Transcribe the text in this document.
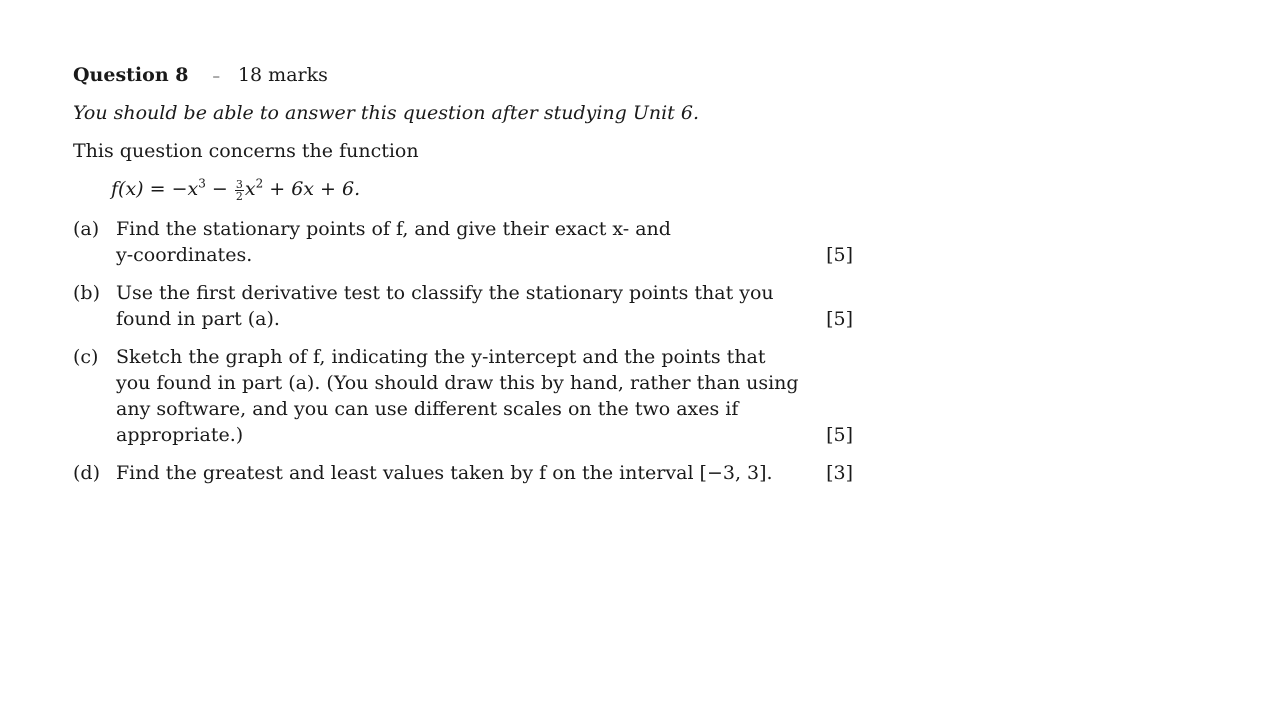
Question 8 – 18 marks
You should be able to answer this question after studying Unit 6.
This question concerns the function
$f(x) = -x^3 - \frac{3}{2} x^2 + 6x + 6$.
(a) Find the stationary points of f, and give their exact x- and
y-coordinates.	[5]
(b) Use the first derivative test to classify the stationary points that you
found in part (a).	[5]
(c) Sketch the graph of f, indicating the y-intercept and the points that
you found in part (a). (You should draw this by hand, rather than using
any software, and you can use different scales on the two axes if
appropriate.)	[5]
(d) Find the greatest and least values taken by f on the interval [−3, 3].	[3]
